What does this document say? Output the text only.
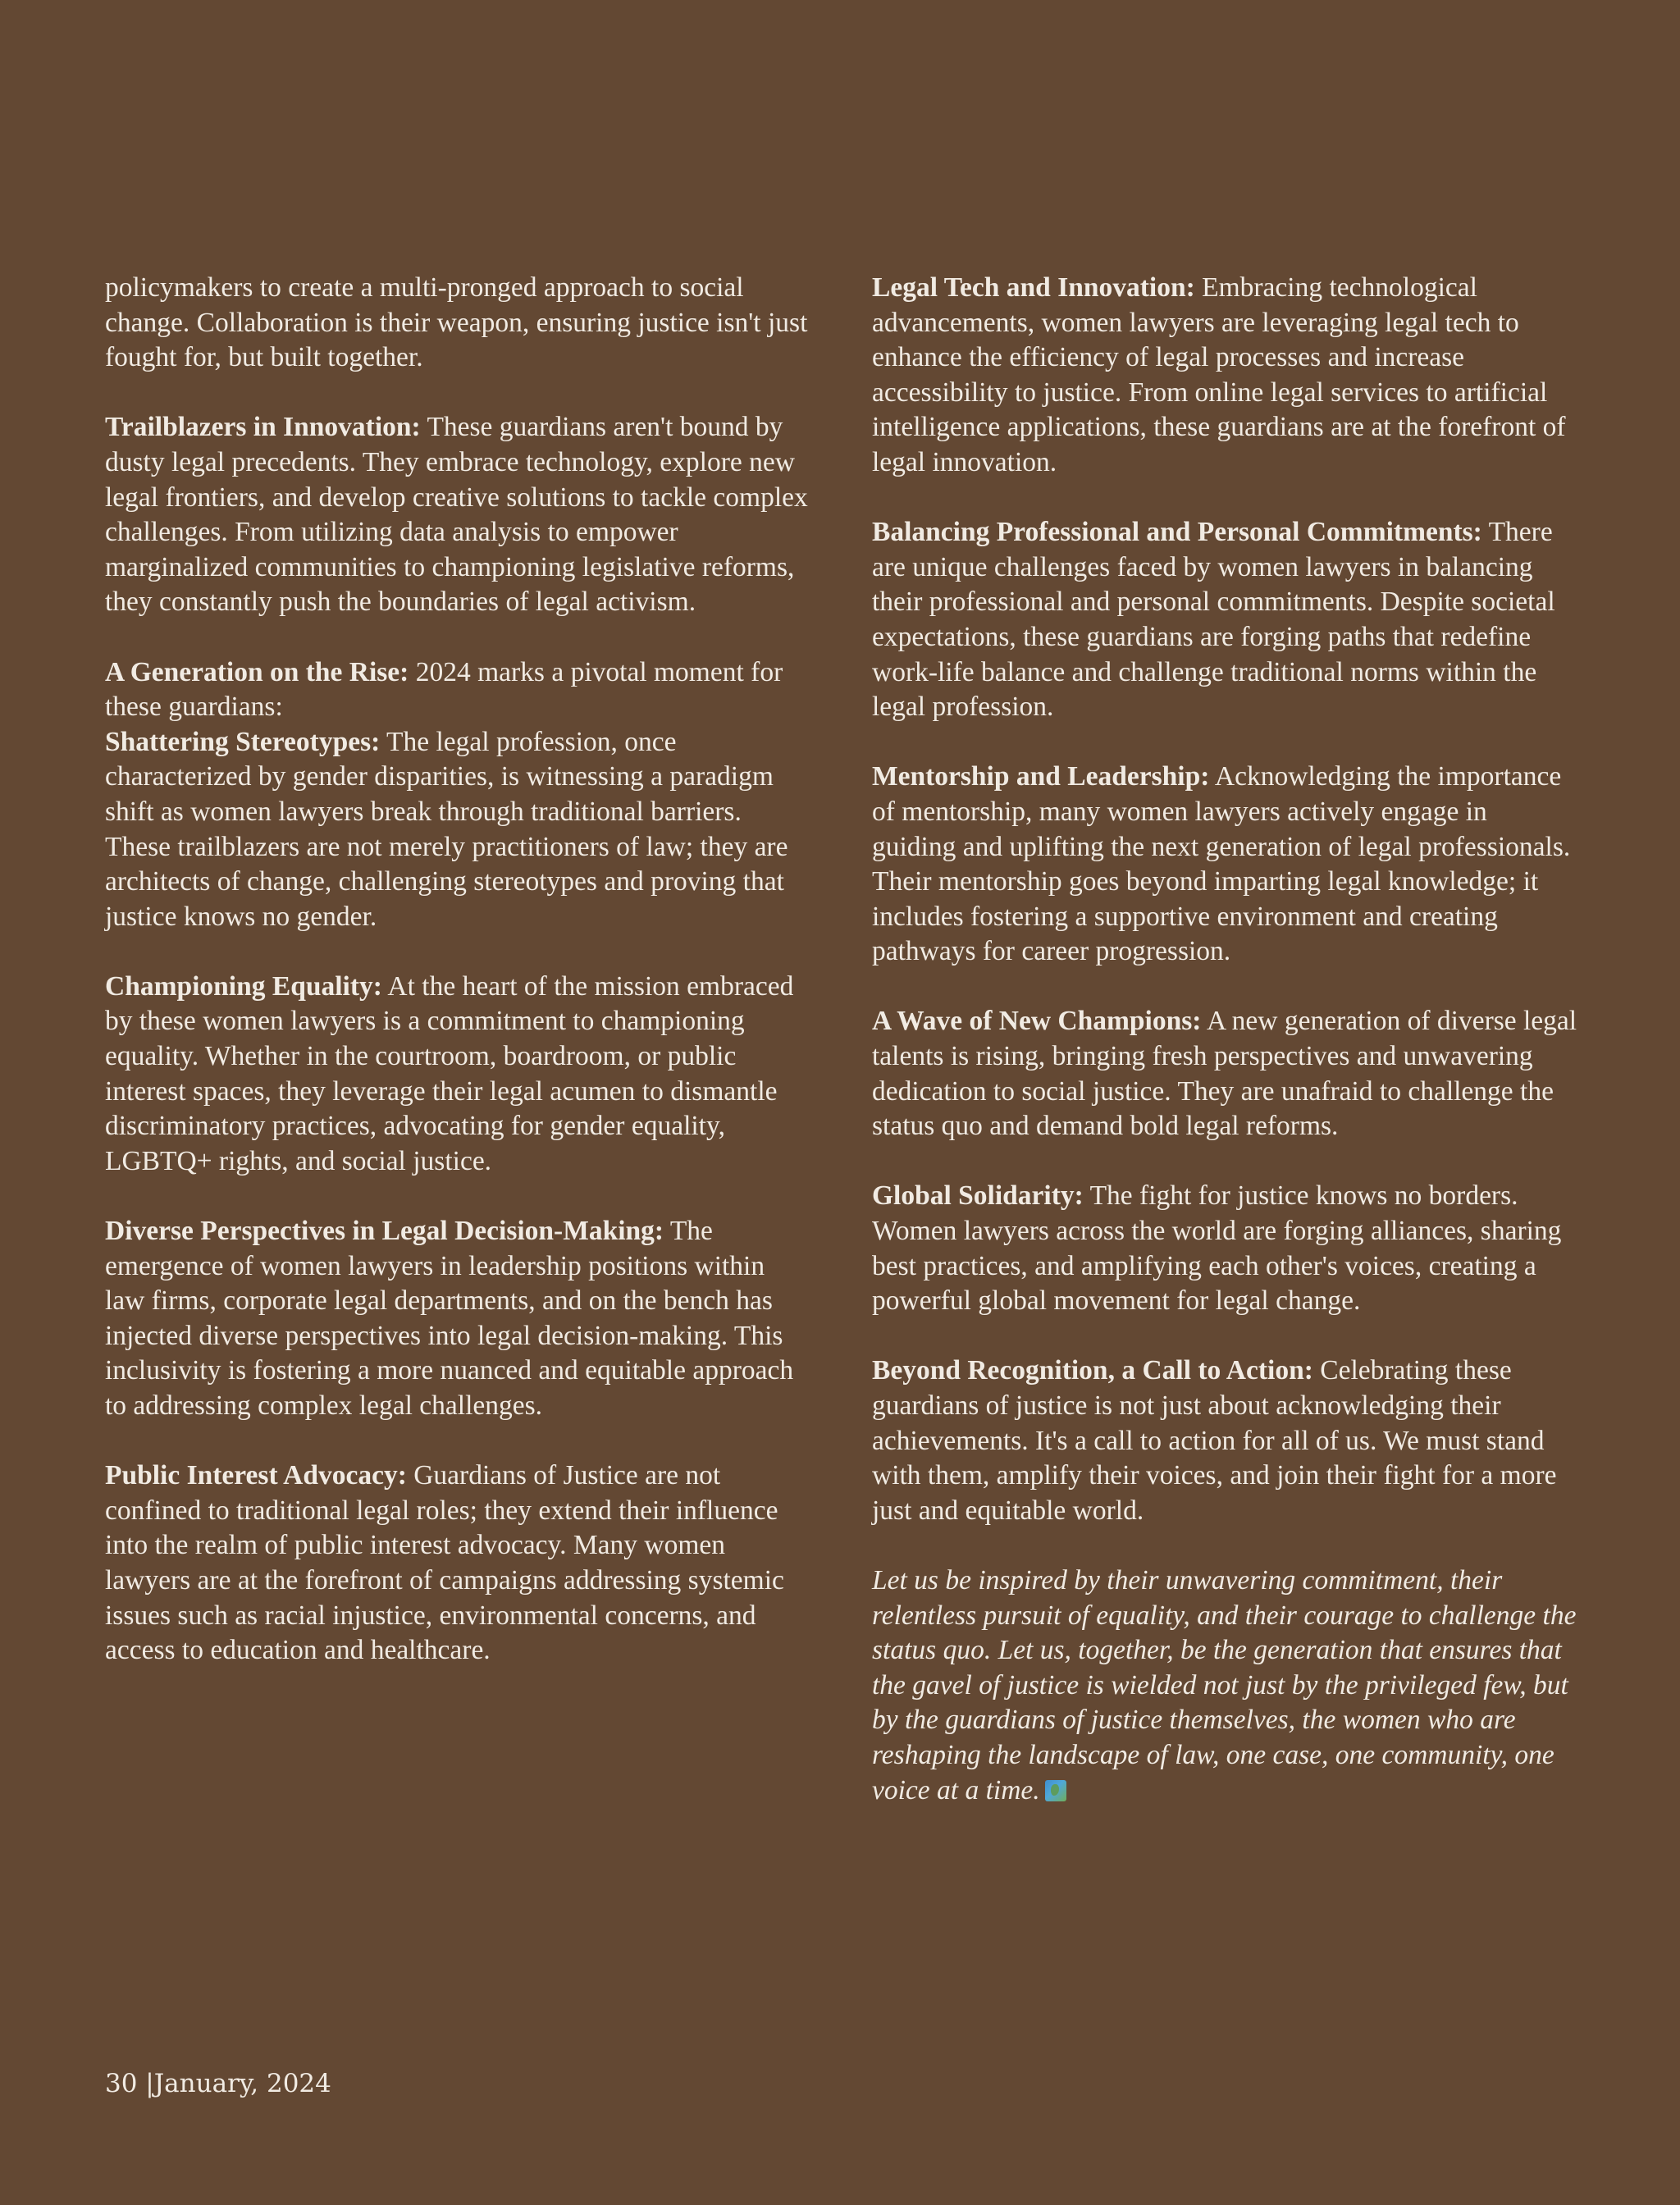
policymakers to create a multi-pronged approach to social change. Collaboration is their weapon, ensuring justice isn't just fought for, but built together.

Trailblazers in Innovation: These guardians aren't bound by dusty legal precedents. They embrace technology, explore new legal frontiers, and develop creative solutions to tackle complex challenges. From utilizing data analysis to empower marginalized communities to championing legislative reforms, they constantly push the boundaries of legal activism.

A Generation on the Rise: 2024 marks a pivotal moment for these guardians:

Shattering Stereotypes: The legal profession, once characterized by gender disparities, is witnessing a paradigm shift as women lawyers break through traditional barriers. These trailblazers are not merely practitioners of law; they are architects of change, challenging stereotypes and proving that justice knows no gender.

Championing Equality: At the heart of the mission embraced by these women lawyers is a commitment to championing equality. Whether in the courtroom, boardroom, or public interest spaces, they leverage their legal acumen to dismantle discriminatory practices, advocating for gender equality, LGBTQ+ rights, and social justice.

Diverse Perspectives in Legal Decision-Making: The emergence of women lawyers in leadership positions within law firms, corporate legal departments, and on the bench has injected diverse perspectives into legal decision-making. This inclusivity is fostering a more nuanced and equitable approach to addressing complex legal challenges.

Public Interest Advocacy: Guardians of Justice are not confined to traditional legal roles; they extend their influence into the realm of public interest advocacy. Many women lawyers are at the forefront of campaigns addressing systemic issues such as racial injustice, environmental concerns, and access to education and healthcare.

Legal Tech and Innovation: Embracing technological advancements, women lawyers are leveraging legal tech to enhance the efficiency of legal processes and increase accessibility to justice. From online legal services to artificial intelligence applications, these guardians are at the forefront of legal innovation.

Balancing Professional and Personal Commitments: There are unique challenges faced by women lawyers in balancing their professional and personal commitments. Despite societal expectations, these guardians are forging paths that redefine work-life balance and challenge traditional norms within the legal profession.

Mentorship and Leadership: Acknowledging the importance of mentorship, many women lawyers actively engage in guiding and uplifting the next generation of legal professionals. Their mentorship goes beyond imparting legal knowledge; it includes fostering a supportive environment and creating pathways for career progression.

A Wave of New Champions: A new generation of diverse legal talents is rising, bringing fresh perspectives and unwavering dedication to social justice. They are unafraid to challenge the status quo and demand bold legal reforms.

Global Solidarity: The fight for justice knows no borders. Women lawyers across the world are forging alliances, sharing best practices, and amplifying each other's voices, creating a powerful global movement for legal change.

Beyond Recognition, a Call to Action: Celebrating these guardians of justice is not just about acknowledging their achievements. It's a call to action for all of us. We must stand with them, amplify their voices, and join their fight for a more just and equitable world.

Let us be inspired by their unwavering commitment, their relentless pursuit of equality, and their courage to challenge the status quo. Let us, together, be the generation that ensures that the gavel of justice is wielded not just by the privileged few, but by the guardians of justice themselves, the women who are reshaping the landscape of law, one case, one community, one voice at a time.

30 |January, 2024
